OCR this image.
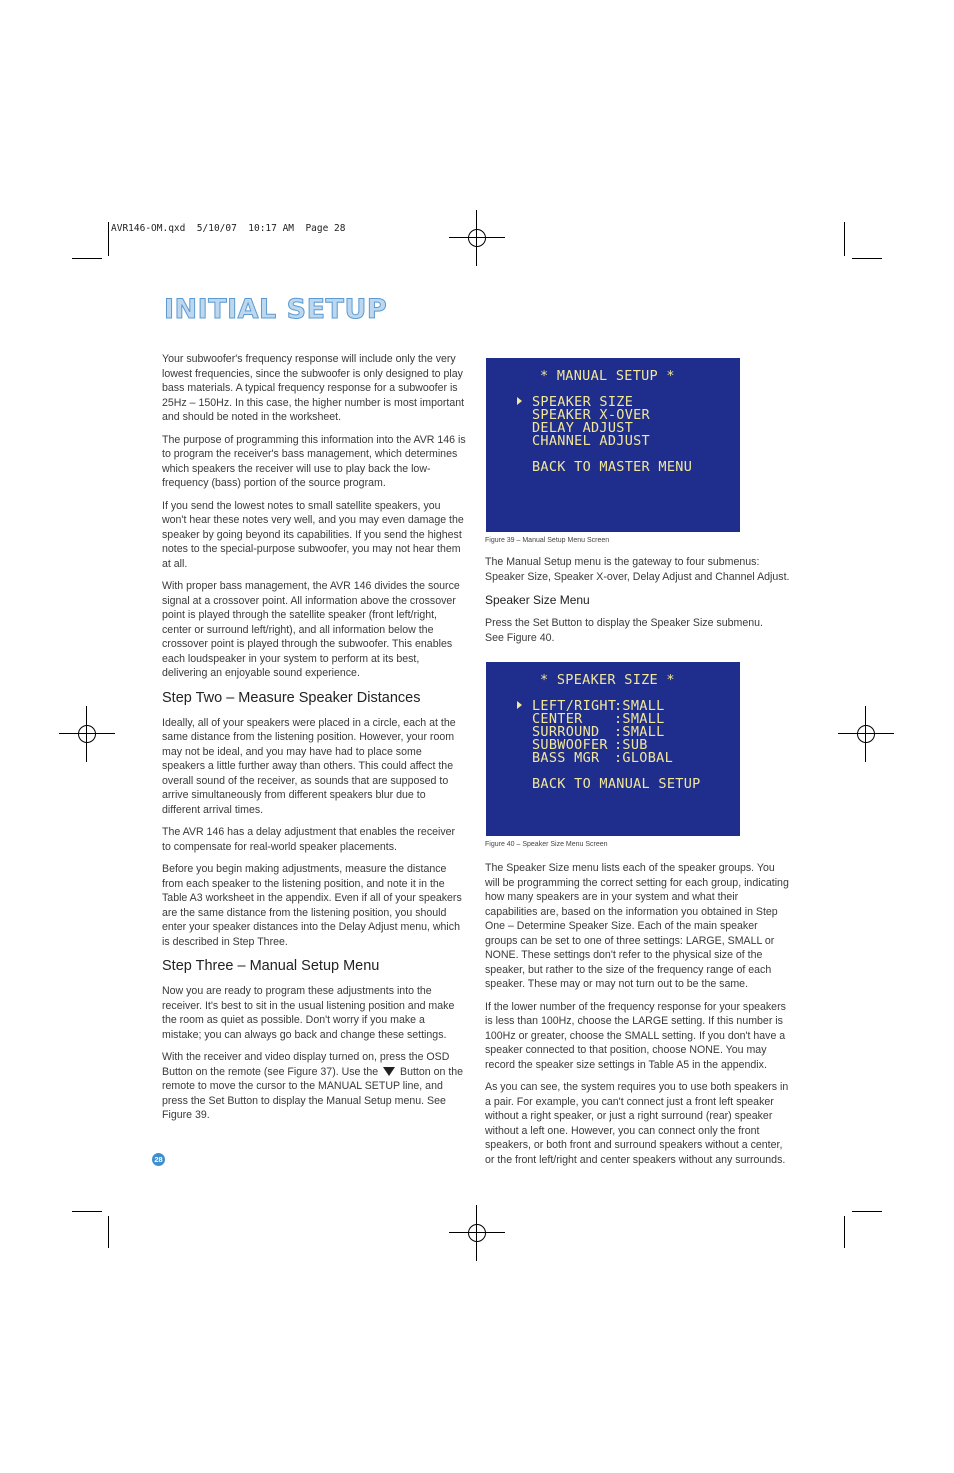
AVR146-OM.qxd  5/10/07  10:17 AM  Page 28
INITIAL SETUP

Your subwoofer's frequency response will include only the very lowest frequencies, since the subwoofer is only designed to play bass materials. A typical frequency response for a subwoofer is 25Hz – 150Hz. In this case, the higher number is most important and should be noted in the worksheet.

The purpose of programming this information into the AVR 146 is to program the receiver's bass management, which determines which speakers the receiver will use to play back the low-frequency (bass) portion of the source program.

If you send the lowest notes to small satellite speakers, you won't hear these notes very well, and you may even damage the speaker by going beyond its capabilities. If you send the highest notes to the special-purpose subwoofer, you may not hear them at all.

With proper bass management, the AVR 146 divides the source signal at a crossover point. All information above the crossover point is played through the satellite speaker (front left/right, center or surround left/right), and all information below the crossover point is played through the subwoofer. This enables each loudspeaker in your system to perform at its best, delivering an enjoyable sound experience.

Step Two – Measure Speaker Distances

Ideally, all of your speakers were placed in a circle, each at the same distance from the listening position. However, your room may not be ideal, and you may have had to place some speakers a little further away than others. This could affect the overall sound of the receiver, as sounds that are supposed to arrive simultaneously from different speakers blur due to different arrival times.

The AVR 146 has a delay adjustment that enables the receiver to compensate for real-world speaker placements.

Before you begin making adjustments, measure the distance from each speaker to the listening position, and note it in the Table A3 worksheet in the appendix. Even if all of your speakers are the same distance from the listening position, you should enter your speaker distances into the Delay Adjust menu, which is described in Step Three.

Step Three – Manual Setup Menu

Now you are ready to program these adjustments into the receiver. It's best to sit in the usual listening position and make the room as quiet as possible. Don't worry if you make a mistake; you can always go back and change these settings.

With the receiver and video display turned on, press the OSD Button on the remote (see Figure 37). Use the Button on the remote to move the cursor to the MANUAL SETUP line, and press the Set Button to display the Manual Setup menu. See Figure 39.

* MANUAL SETUP *
SPEAKER SIZE
SPEAKER X-OVER
DELAY ADJUST
CHANNEL ADJUST
BACK TO MASTER MENU
Figure 39 – Manual Setup Menu Screen

The Manual Setup menu is the gateway to four submenus: Speaker Size, Speaker X-over, Delay Adjust and Channel Adjust.

Speaker Size Menu

Press the Set Button to display the Speaker Size submenu.
See Figure 40.

* SPEAKER SIZE *
LEFT/RIGHT
:SMALL
CENTER :SMALL
SURROUND :SMALL
SUBWOOFER :SUB
BASS MGR :GLOBAL
BACK TO MANUAL SETUP
Figure 40 – Speaker Size Menu Screen

The Speaker Size menu lists each of the speaker groups. You will be programming the correct setting for each group, indicating how many speakers are in your system and what their capabilities are, based on the information you obtained in Step One – Determine Speaker Size. Each of the main speaker groups can be set to one of three settings: LARGE, SMALL or NONE. These settings don't refer to the physical size of the speaker, but rather to the size of the frequency range of each speaker. These may or may not turn out to be the same.

If the lower number of the frequency response for your speakers is less than 100Hz, choose the LARGE setting. If this number is 100Hz or greater, choose the SMALL setting. If you don't have a speaker connected to that position, choose NONE. You may record the speaker size settings in Table A5 in the appendix.

As you can see, the system requires you to use both speakers in a pair. For example, you can't connect just a front left speaker without a right speaker, or just a right surround (rear) speaker without a left one. However, you can connect only the front speakers, or both front and surround speakers without a center, or the front left/right and center speakers without any surrounds.

28
